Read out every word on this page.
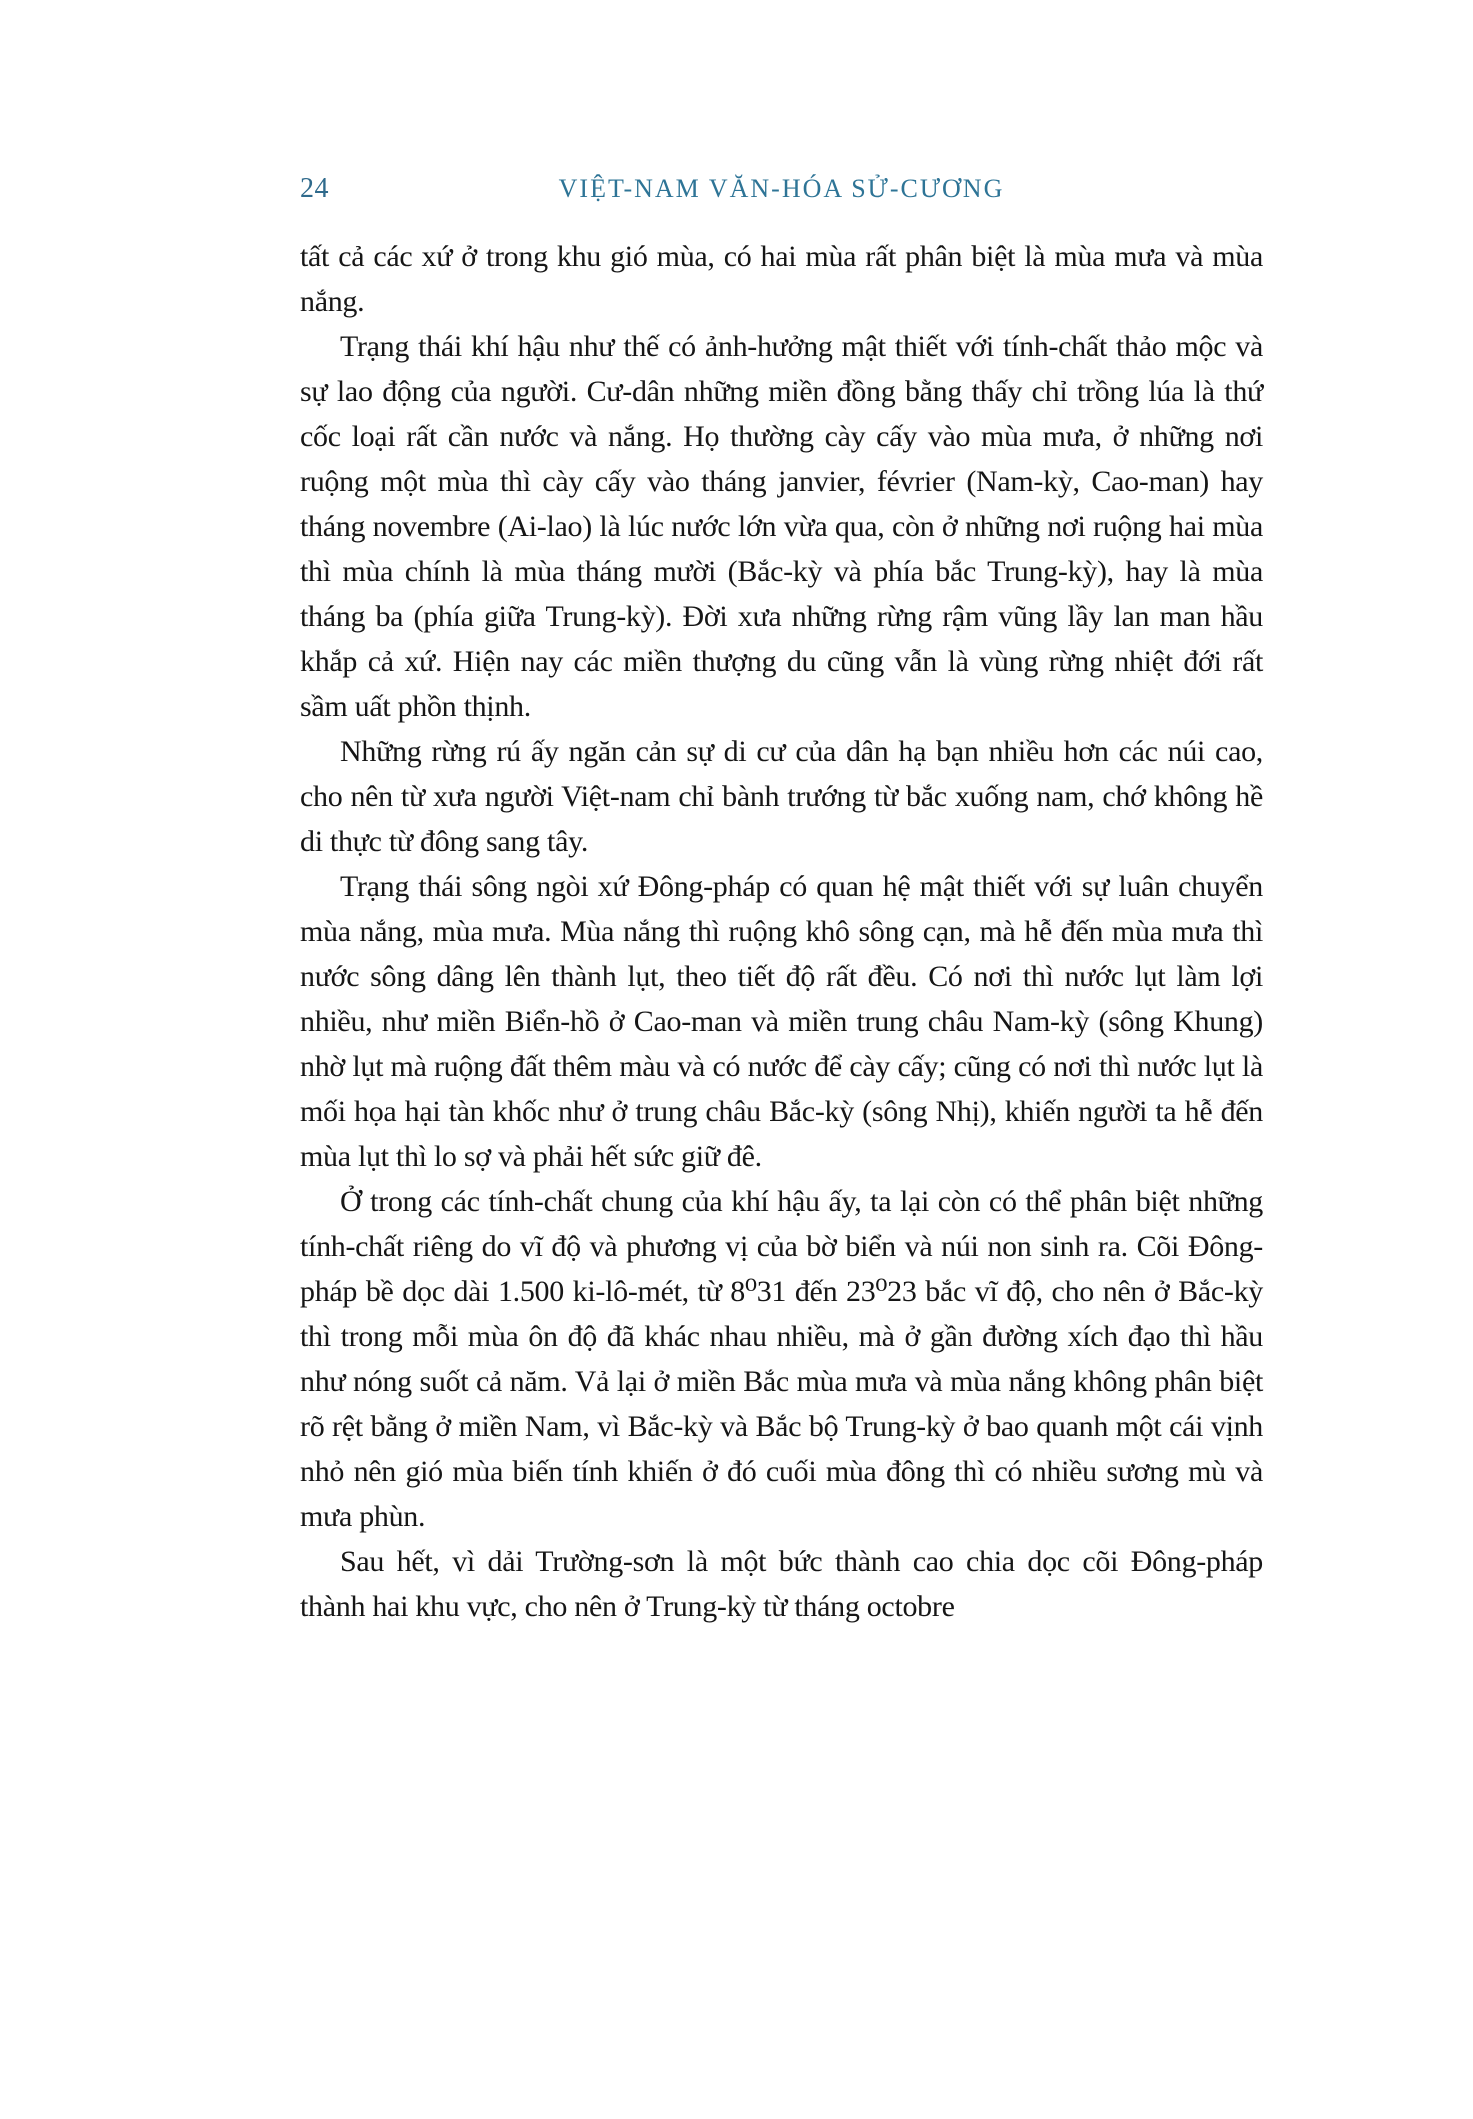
24	VIỆT-NAM VĂN-HÓA SỬ-CƯƠNG

tất cả các xứ ở trong khu gió mùa, có hai mùa rất phân biệt là mùa mưa và mùa nắng.

Trạng thái khí hậu như thế có ảnh-hưởng mật thiết với tính-chất thảo mộc và sự lao động của người. Cư-dân những miền đồng bằng thấy chỉ trồng lúa là thứ cốc loại rất cần nước và nắng. Họ thường cày cấy vào mùa mưa, ở những nơi ruộng một mùa thì cày cấy vào tháng janvier, février (Nam-kỳ, Cao-man) hay tháng novembre (Ai-lao) là lúc nước lớn vừa qua, còn ở những nơi ruộng hai mùa thì mùa chính là mùa tháng mười (Bắc-kỳ và phía bắc Trung-kỳ), hay là mùa tháng ba (phía giữa Trung-kỳ). Đời xưa những rừng rậm vũng lầy lan man hầu khắp cả xứ. Hiện nay các miền thượng du cũng vẫn là vùng rừng nhiệt đới rất sầm uất phồn thịnh.

Những rừng rú ấy ngăn cản sự di cư của dân hạ bạn nhiều hơn các núi cao, cho nên từ xưa người Việt-nam chỉ bành trướng từ bắc xuống nam, chớ không hề di thực từ đông sang tây.

Trạng thái sông ngòi xứ Đông-pháp có quan hệ mật thiết với sự luân chuyển mùa nắng, mùa mưa. Mùa nắng thì ruộng khô sông cạn, mà hễ đến mùa mưa thì nước sông dâng lên thành lụt, theo tiết độ rất đều. Có nơi thì nước lụt làm lợi nhiều, như miền Biển-hồ ở Cao-man và miền trung châu Nam-kỳ (sông Khung) nhờ lụt mà ruộng đất thêm màu và có nước để cày cấy; cũng có nơi thì nước lụt là mối họa hại tàn khốc như ở trung châu Bắc-kỳ (sông Nhị), khiến người ta hễ đến mùa lụt thì lo sợ và phải hết sức giữ đê.

Ở trong các tính-chất chung của khí hậu ấy, ta lại còn có thể phân biệt những tính-chất riêng do vĩ độ và phương vị của bờ biển và núi non sinh ra. Cõi Đông-pháp bề dọc dài 1.500 ki-lô-mét, từ 8⁰31 đến 23⁰23 bắc vĩ độ, cho nên ở Bắc-kỳ thì trong mỗi mùa ôn độ đã khác nhau nhiều, mà ở gần đường xích đạo thì hầu như nóng suốt cả năm. Vả lại ở miền Bắc mùa mưa và mùa nắng không phân biệt rõ rệt bằng ở miền Nam, vì Bắc-kỳ và Bắc bộ Trung-kỳ ở bao quanh một cái vịnh nhỏ nên gió mùa biến tính khiến ở đó cuối mùa đông thì có nhiều sương mù và mưa phùn.

Sau hết, vì dải Trường-sơn là một bức thành cao chia dọc cõi Đông-pháp thành hai khu vực, cho nên ở Trung-kỳ từ tháng octobre
